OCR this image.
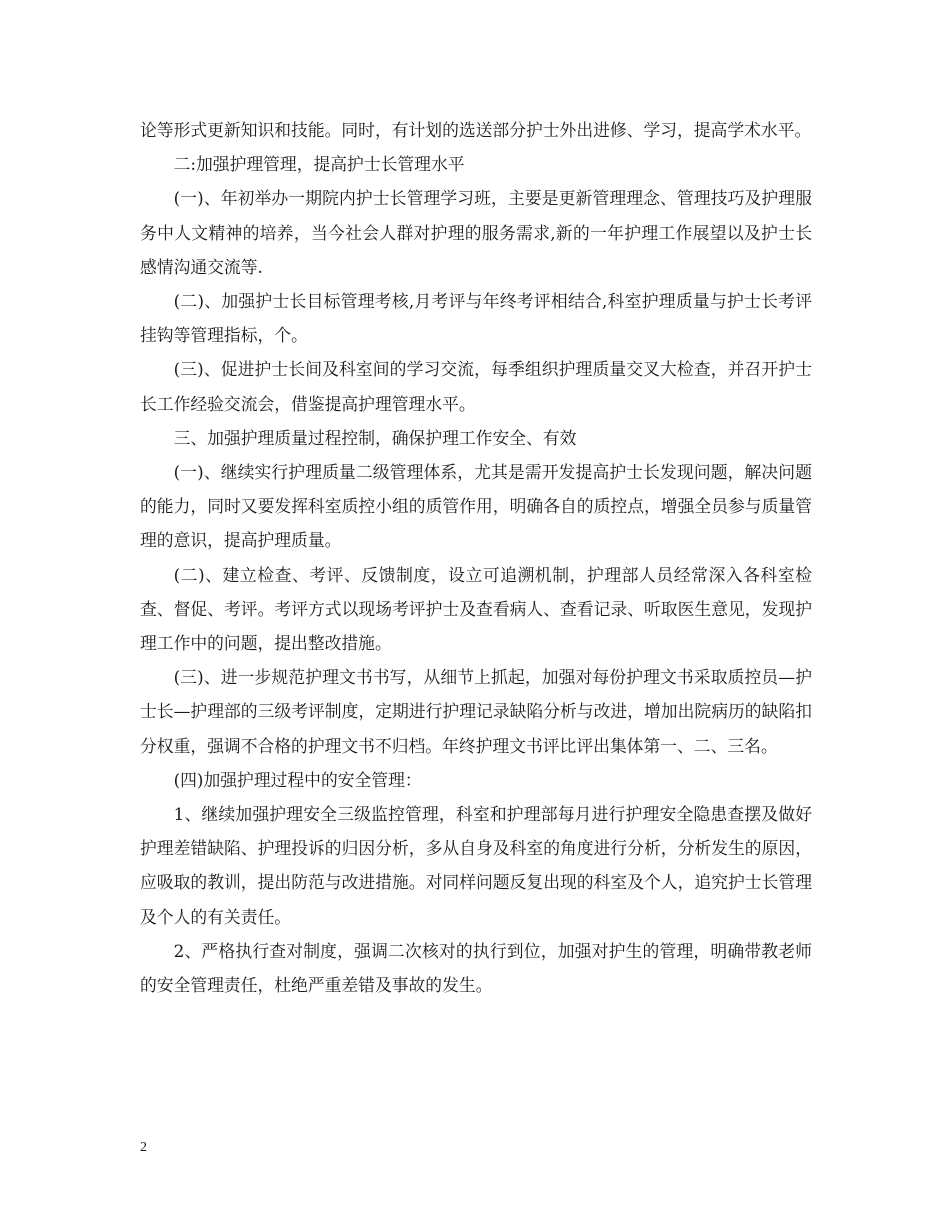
论等形式更新知识和技能。同时，有计划的选送部分护士外出进修、学习，提高学术水平。

二:加强护理管理，提高护士长管理水平

(一)、年初举办一期院内护士长管理学习班，主要是更新管理理念、管理技巧及护理服务中人文精神的培养，当今社会人群对护理的服务需求,新的一年护理工作展望以及护士长感情沟通交流等.

(二)、加强护士长目标管理考核,月考评与年终考评相结合,科室护理质量与护士长考评挂钩等管理指标，个。

(三)、促进护士长间及科室间的学习交流，每季组织护理质量交叉大检查，并召开护士长工作经验交流会，借鉴提高护理管理水平。

三、加强护理质量过程控制，确保护理工作安全、有效

(一)、继续实行护理质量二级管理体系，尤其是需开发提高护士长发现问题，解决问题的能力，同时又要发挥科室质控小组的质管作用，明确各自的质控点，增强全员参与质量管理的意识，提高护理质量。

(二)、建立检查、考评、反馈制度，设立可追溯机制，护理部人员经常深入各科室检查、督促、考评。考评方式以现场考评护士及查看病人、查看记录、听取医生意见，发现护理工作中的问题，提出整改措施。

(三)、进一步规范护理文书书写，从细节上抓起，加强对每份护理文书采取质控员—护士长—护理部的三级考评制度，定期进行护理记录缺陷分析与改进，增加出院病历的缺陷扣分权重，强调不合格的护理文书不归档。年终护理文书评比评出集体第一、二、三名。

(四)加强护理过程中的安全管理：

1、继续加强护理安全三级监控管理，科室和护理部每月进行护理安全隐患查摆及做好护理差错缺陷、护理投诉的归因分析，多从自身及科室的角度进行分析，分析发生的原因，应吸取的教训，提出防范与改进措施。对同样问题反复出现的科室及个人，追究护士长管理及个人的有关责任。

2、严格执行查对制度，强调二次核对的执行到位，加强对护生的管理，明确带教老师的安全管理责任，杜绝严重差错及事故的发生。

2
